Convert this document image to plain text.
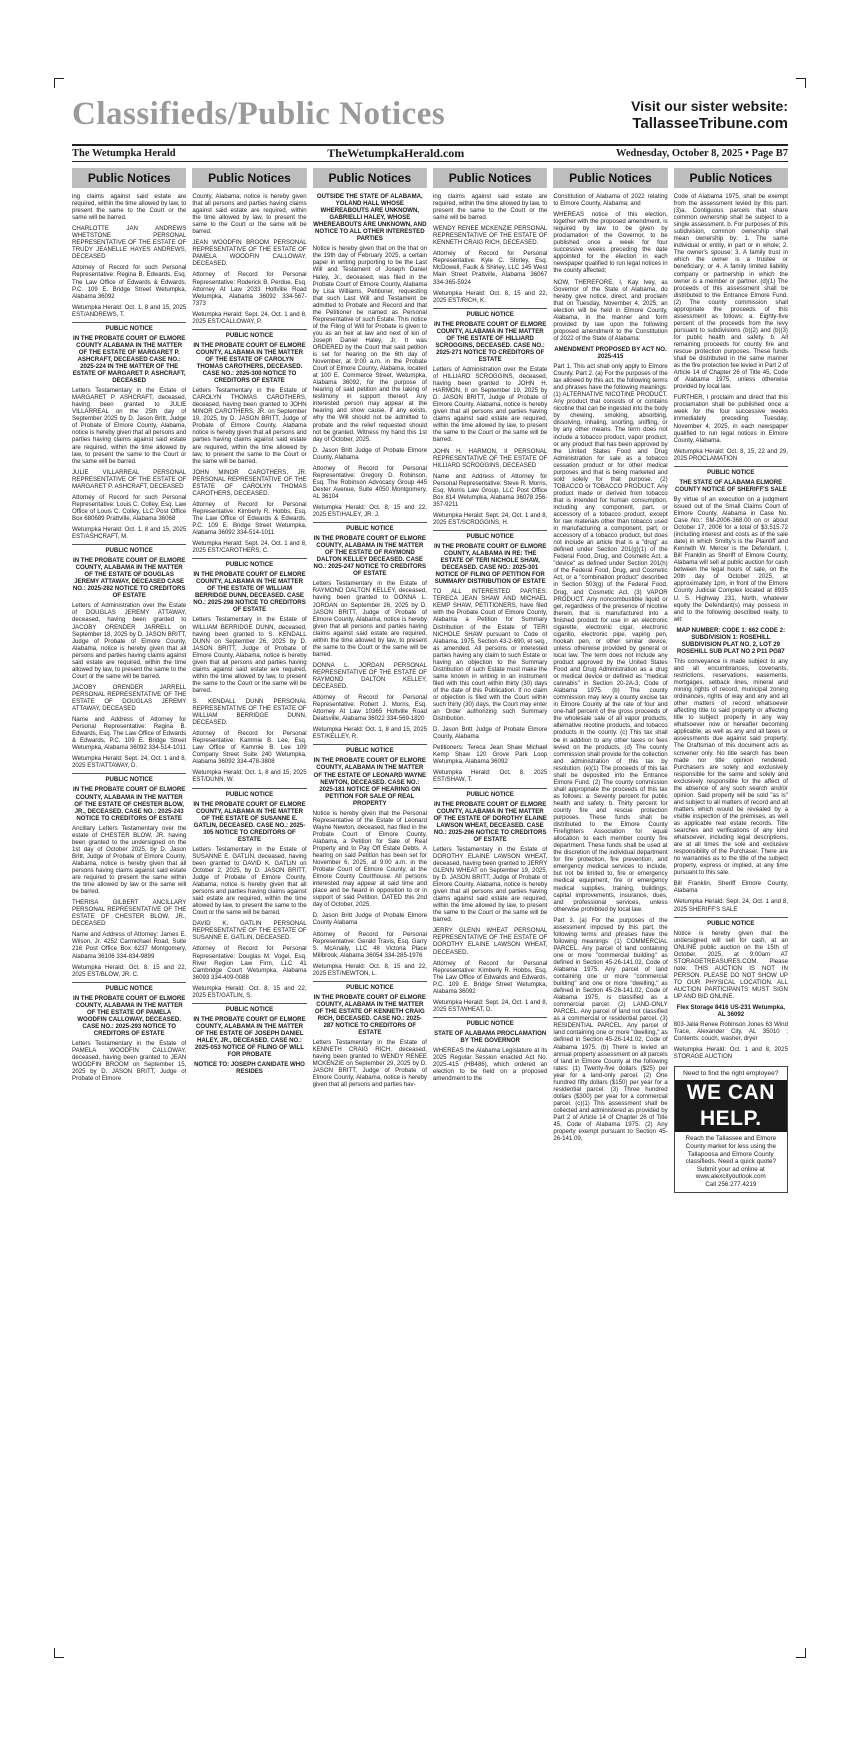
Classifieds/Public Notices	Visit our sister website:
TallasseeTribune.com
The Wetumpka Herald	TheWetumpkaHerald.com	Wednesday, October 8, 2025 • Page B7
Public Notices
ing claims against said estate are required, within the time allowed by law, to present the same to the Court or the same will be barred.
CHARLOTTE JAN ANDREWS WHETSTONE PERSONAL REPRESENTATIVE OF THE ESTATE OF TRUDY JEANELLE HAYES ANDREWS, DECEASED
Attorney of Record for such Personal Representative: Regina B. Edwards, Esq. The Law Office of Edwards & Edwards, P.C. 109 E. Bridge Street Wetumpka, Alabama 36092
Wetumpka Herald: Oct. 1, 8 and 15, 2025 EST/ANDREWS, T.
PUBLIC NOTICE
IN THE PROBATE COURT OF ELMORE COUNTY ALABAMA IN THE MATTER OF THE ESTATE OF MARGARET P. ASHCRAFT, DECEASED CASE NO.: 2025-224 IN THE MATTER OF THE ESTATE OF MARGARET P. ASHCRAFT, DECEASED
Letters Testamentary in the Estate of MARGARET P. ASHCRAFT, deceased, having been granted to JULIE VILLARREAL on the 25th day of September 2025 by D. Jason Britt, Judge of Probate of Elmore County, Alabama, notice is hereby given that all persons and parties having claims against said estate are required, within the time allowed by law, to present the same to the Court or the same will be barred.
JULIE VILLARREAL PERSONAL REPRESENTATIVE OF THE ESTATE OF MARGARET P. ASHCRAFT, DECEASED
Attorney of Record for such Personal Representative: Louis C. Colley, Esq. Law Office of Louis C. Colley, LLC Post Office Box 680689 Prattville, Alabama 36068
Wetumpka Herald: Oct. 1, 8 and 15, 2025 EST/ASHCRAFT, M.
PUBLIC NOTICE
IN THE PROBATE COURT OF ELMORE COUNTY, ALABAMA IN THE MATTER OF THE ESTATE OF DOUGLAS JEREMY ATTAWAY, DECEASED CASE NO.: 2025-282 NOTICE TO CREDITORS OF ESTATE
Letters of Administration over the Estate of DOUGLAS JEREMY ATTAWAY, deceased, having been granted to JACOBY ORENDER JARRELL on September 18, 2025 by D. JASON BRITT, Judge of Probate of Elmore County, Alabama, notice is hereby given that all persons and parties having claims against said estate are required, within the time allowed by law, to present the same to the Court or the same will be barred.
JACOBY ORENDER JARRELL PERSONAL REPRESENTATIVE OF THE ESTATE OF DOUGLAS JEREMY ATTAWAY, DECEASED
Name and Address of Attorney for Personal Representative: Regina B. Edwards, Esq. The Law Office of Edwards & Edwards, P.C. 109 E. Bridge Street Wetumpka, Alabama 36092 334-514-1011
Wetumpka Herald: Sept. 24, Oct. 1 and 8, 2025 EST/ATTAWAY, D.
PUBLIC NOTICE
IN THE PROBATE COURT OF ELMORE COUNTY, ALABAMA IN THE MATTER OF THE ESTATE OF CHESTER BLOW, JR., DECEASED. CASE NO.: 2025-243 NOTICE TO CREDITORS OF ESTATE
Ancillary Letters Testamentary over the estate of CHESTER BLOW, JR. having been granted to the undersigned on the 1st day of October 2025, by D. Jason Britt, Judge of Probate of Elmore County, Alabama, notice is hereby given that all persons having claims against said estate are required to present the same within the time allowed by law or the same will be barred.
THERISA GILBERT ANCILLARY PERSONAL REPRESENTATIVE OF THE ESTATE OF CHESTER BLOW, JR., DECEASED
Name and Address of Attorney: James E. Wilson, Jr. 4252 Carmichael Road, Suite 216 Post Office Box 6237 Montgomery, Alabama 36106 334-834-9899
Wetumpka Herald: Oct. 8, 15 and 22, 2025 EST/BLOW, JR. C.
PUBLIC NOTICE
IN THE PROBATE COURT OF ELMORE COUNTY, ALABAMA IN THE MATTER OF THE ESTATE OF PAMELA WOODFIN CALLOWAY, DECEASED. CASE NO.: 2025-293 NOTICE TO CREDITORS OF ESTATE
Letters Testamentary in the Estate of PAMELA WOODFIN CALLOWAY, deceased, having been granted to JEAN WOODFIN BROOM on September 15, 2025 by D. JASON BRITT, Judge of Probate of Elmore
Public Notices
County, Alabama, notice is hereby given that all persons and parties having claims against said estate are required, within the time allowed by law, to present the same to the Court or the same will be barred.
JEAN WOODFIN BROOM PERSONAL REPRESENTATIVE OF THE ESTATE OF PAMELA WOODFIN CALLOWAY, DECEASED.
Attorney of Record for Personal Representative: Roderick B. Perdue, Esq. Attorney At Law 2033 Holtville Road Wetumpka, Alabama 36092 334-567-7373
Wetumpka Herald: Sept. 24, Oct. 1 and 8, 2025 EST/CALLOWAY, P.
PUBLIC NOTICE
IN THE PROBATE COURT OF ELMORE COUNTY, ALABAMA IN THE MATTER OF THE ESTATE OF CAROLYN THOMAS CAROTHERS, DECEASED. CASE NO.: 2025-300 NOTICE TO CREDITORS OF ESTATE
Letters Testamentary in the Estate of CAROLYN THOMAS CAROTHERS, deceased, having been granted to JOHN MINOR CAROTHERS, JR. on September 19, 2025, by D. JASON BRITT, Judge of Probate of Elmore County, Alabama notice is hereby given that all persons and parties having claims against said estate are required, within the time allowed by law, to present the same to the Court or the same will be barred.
JOHN MINOR CAROTHERS, JR. PERSONAL REPRESENTATIVE OF THE ESTATE OF CAROLYN THOMAS CAROTHERS, DECEASED.
Attorney of Record for Personal Representative: Kimberly R. Hobbs, Esq. The Law Office of Edwards & Edwards, P.C. 109 E. Bridge Street Wetumpka, Alabama 36092 334-514-1011
Wetumpka Herald: Sept. 24, Oct. 1 and 8, 2025 EST/CAROTHERS, C.
PUBLIC NOTICE
IN THE PROBATE COURT OF ELMORE COUNTY, ALABAMA IN THE MATTER OF THE ESTATE OF WILLIAM BERRIDGE DUNN, DECEASED. CASE NO.: 2025-298 NOTICE TO CREDITORS OF ESTATE
Letters Testamentary in the Estate of WILLIAM BERRIDGE DUNN, deceased, having been granted to S. KENDALL DUNN on September 26, 2025 by D. JASON BRITT, Judge of Probate of Elmore County, Alabama, notice is hereby given that all persons and parties having claims against said estate are required, within the time allowed by law, to present the same to the Court or the same will be barred.
S. KENDALL DUNN PERSONAL REPRESENTATIVE OF THE ESTATE OF WILLIAM BERRIDGE DUNN, DECEASED.
Attorney of Record for Personal Representative: Kammie B. Lee, Esq. Law Office of Kammie B. Lee 109 Company Street Suite 240 Wetumpka, Alabama 36092 334-478-3808
Wetumpka Herald: Oct. 1, 8 and 15, 2025 EST/DUNN, W.
PUBLIC NOTICE
IN THE PROBATE COURT OF ELMORE COUNTY, ALABAMA IN THE MATTER OF THE ESTATE OF SUSANNE E. GATLIN, DECEASED. CASE NO.: 2025-305 NOTICE TO CREDITORS OF ESTATE
Letters Testamentary in the Estate of SUSANNE E. GATLIN, deceased, having been granted to DAVID K. GATLIN on October 2, 2025, by D. JASON BRITT, Judge of Probate of Elmore County, Alabama, notice is hereby given that all persons and parties having claims against said estate are required, within the time allowed by law, to present the same to the Court or the same will be barred.
DAVID K. GATLIN PERSONAL REPRESENTATIVE OF THE ESTATE OF SUSANNE E. GATLIN, DECEASED.
Attorney of Record for Personal Representative: Douglas M. Vogel, Esq. River Region Law Firm, LLC 41 Cambridge Court Wetumpka, Alabama 36093 334-409-0088
Wetumpka Herald: Oct. 8, 15 and 22, 2025 EST/GATLIN, S.
PUBLIC NOTICE
IN THE PROBATE COURT OF ELMORE COUNTY, ALABAMA IN THE MATTER OF THE ESTATE OF JOSEPH DANIEL HALEY, JR., DECEASED. CASE NO.: 2025-053 NOTICE OF FILING OF WILL FOR PROBATE
NOTICE TO: JOSEPH CANIDATE WHO RESIDES
Public Notices
OUTSIDE THE STATE OF ALABAMA, YOLAND HALL WHOSE WHEREABOUTS ARE UNKNOWN, GABRIELLI HALEY, WHOSE WHEREABOUTS ARE UNKNOWN, AND NOTICE TO ALL OTHER INTERESTED PARTIES
Notice is hereby given that on the that on the 19th day of February 2025, a certain paper in writing purporting to be the Last Will and Testament of Joseph Daniel Haley, Jr., deceased, was filed in the Probate Court of Elmore County, Alabama by Lisa Williams, Petitioner, requesting that such Last Will and Testament be admitted to Probate and Record and that the Petitioner be named as Personal Representative of such Estate. This notice of the Filing of Will for Probate is given to you as an heir at law and next of kin of Joseph Daniel Haley, Jr. It was ORDERED by the Court that said petition is set for hearing on the 6th day of November, at 9:00 a.m. in the Probate Court of Elmore County, Alabama, located at 100 E. Commerce Street, Wetumpka, Alabama 36092, for the purpose of hearing of said petition and the taking of testimony in support thereof. Any interested person may appear at the hearing and show cause, if any exists, why the Will should not be admitted to probate and the relief requested should not be granted. Witness my hand this 1st day of October, 2025.
D. Jason Britt Judge of Probate Elmore County, Alabama
Attorney of Record for Personal Representative: Gregory D. Robinson, Esq. The Robinson Advocacy Group 445 Dexter Avenue, Suite 4050 Montgomery, AL 36104
Wetumpka Herald: Oct. 8, 15 and 22, 2025 EST/HALEY, JR. J.
PUBLIC NOTICE
IN THE PROBATE COURT OF ELMORE COUNTY, ALABAMA IN THE MATTER OF THE ESTATE OF RAYMOND DALTON KELLEY DECEASED. CASE NO.: 2025-247 NOTICE TO CREDITORS OF ESTATE
Letters Testamentary in the Estate of RAYMOND DALTON KELLEY, deceased, having been granted to DONNA L. JORDAN on September 26, 2025 by D. JASON BRITT, Judge of Probate of Elmore County, Alabama, notice is hereby given that all persons and parties having claims against said estate are required, within the time allowed by law, to present the same to the Court or the same will be barred.
DONNA L. JORDAN PERSONAL REPRESENTATIVE OF THE ESTATE OF RAYMOND DALTON KELLEY, DECEASED.
Attorney of Record for Personal Representative: Robert J. Morris, Esq. Attorney At Law 10365 Holtville Road Deatsville, Alabama 36022 334-569-1820
Wetumpka Herald: Oct. 1, 8 and 15, 2025 EST/KELLEY, R.
PUBLIC NOTICE
IN THE PROBATE COURT OF ELMORE COUNTY, ALABAMA IN THE MATTER OF THE ESTATE OF LEONARD WAYNE NEWTON, DECEASED. CASE NO.: 2025-181 NOTICE OF HEARING ON PETITION FOR SALE OF REAL PROPERTY
Notice is hereby given that the Personal Representative of the Estate of Leonard Wayne Newton, deceased, has filed in the Probate Court of Elmore County, Alabama, a Petition for Sale of Real Property and to Pay Off Estate Debts. A hearing on said Petition has been set for November 6, 2025, at 9:00 a.m. in the Probate Court of Elmore County, at the Elmore County Courthouse. All persons interested may appear at said time and place and be heard in opposition to or in support of said Petition. DATED this 2nd day of October, 2025.
D. Jason Britt Judge of Probate Elmore County Alabama
Attorney of Record for Personal Representative: Gerald Travis, Esq. Garry S. McAnally, LLC 48 Victoria Place Millbrook, Alabama 36054 334-285-1976
Wetumpka Herald: Oct. 8, 15 and 22, 2025 EST/NEWTON, L.
PUBLIC NOTICE
IN THE PROBATE COURT OF ELMORE COUNTY, ALABAMA IN THE MATTER OF THE ESTATE OF KENNETH CRAIG RICH, DECEASED. CASE NO.: 2025-287 NOTICE TO CREDITORS OF ESTATE
Letters Testamentary in the Estate of KENNETH CRAIG RICH, deceased, having been granted to WENDY RENEE MCKENZIE on September 29, 2025 by D. JASON BRITT, Judge of Probate of Elmore County, Alabama, notice is hereby given that all persons and parties hav-
Public Notices
ing claims against said estate are required, within the time allowed by law, to present the same to the Court or the same will be barred.
WENDY RENEE MCKENZIE PERSONAL REPRESENTATIVE OF THE ESTATE OF KENNETH CRAIG RICH, DECEASED.
Attorney of Record for Personal Representative: Kyle C. Shirley, Esq. McDowell, Faulk & Shirley, LLC 145 West Main Street Prattville, Alabama 36067 334-365-5924
Wetumpka Herald: Oct. 8, 15 and 22, 2025 EST/RICH, K.
PUBLIC NOTICE
IN THE PROBATE COURT OF ELMORE COUNTY, ALABAMA IN THE MATTER OF THE ESTATE OF HILLIARD SCROGGINS, DECEASED. CASE NO.: 2025-271 NOTICE TO CREDITORS OF ESTATE
Letters of Administration over the Estate of HILLIARD SCROGGINS, deceased, having been granted to JOHN H. HARMON, II on September 19, 2025 by D. JASON BRITT, Judge of Probate of Elmore County, Alabama, notice is hereby given that all persons and parties having claims against said estate are required, within the time allowed by law, to present the same to the Court or the same will be barred.
JOHN H. HARMON, II PERSONAL REPRESENTATIVE OF THE ESTATE OF HILLIARD SCROGGINS, DECEASED
Name and Address of Attorney for Personal Representative: Steve R. Morris, Esq. Morris Law Group, LLC Post Office Box 814 Wetumpka, Alabama 36078 256-357-9211
Wetumpka Herald: Sept. 24, Oct. 1 and 8, 2025 EST/SCROGGINS, H.
PUBLIC NOTICE
IN THE PROBATE COURT OF ELMORE COUNTY, ALABAMA IN RE: THE ESTATE OF TERI NICHOLE SHAW, DECEASED. CASE NO.: 2025-301 NOTICE OF FILING OF PETITION FOR SUMMARY DISTRIBUTION OF ESTATE
TO ALL INTERESTED PARTIES: TERECA JEAN SHAW AND MICHAEL KEMP SHAW, PETITIONERS, have filed with the Probate Court of Elmore County, Alabama a Petition for Summary Distribution of the Estate of TERI NICHOLE SHAW pursuant to Code of Alabama, 1975, Section 43-2-690, et seq., as amended. All persons or interested parties having any claim to such Estate or having an objection to the Summary Distribution of such Estate must make the same known in writing in an instrument filed with this court within thirty (30) days of the date of this Publication. If no claim or objection is filed with the Court within such thirty (30) days, the Court may enter an Order authorizing such Summary Distribution.
D. Jason Britt Judge of Probate Elmore County, Alabama
Petitioners: Tereca Jean Shaw Michael Kemp Shaw 120 Grove Park Loop Wetumpka, Alabama 36092
Wetumpka Herald: Oct. 8, 2025 EST/SHAW, T.
PUBLIC NOTICE
IN THE PROBATE COURT OF ELMORE COUNTY, ALABAMA IN THE MATTER OF THE ESTATE OF DOROTHY ELAINE LAWSON WHEAT, DECEASED. CASE NO.: 2025-296 NOTICE TO CREDITORS OF ESTATE
Letters Testamentary in the Estate of DOROTHY ELAINE LAWSON WHEAT, deceased, having been granted to JERRY GLENN WHEAT on September 19, 2025, by D. JASON BRITT, Judge of Probate of Elmore County, Alabama, notice is hereby given that all persons and parties having claims against said estate are required, within the time allowed by law, to present the same to the Court or the same will be barred.
JERRY GLENN WHEAT PERSONAL REPRESENTATIVE OF THE ESTATE OF DOROTHY ELAINE LAWSON WHEAT, DECEASED.
Attorney of Record for Personal Representative: Kimberly R. Hobbs, Esq. The Law Office of Edwards and Edwards, P.C. 109 E. Bridge Street Wetumpka, Alabama 36092
Wetumpka Herald: Sept. 24, Oct. 1 and 8, 2025 EST/WHEAT, D.
PUBLIC NOTICE
STATE OF ALABAMA PROCLAMATION BY THE GOVERNOR
WHEREAS the Alabama Legislature at its 2025 Regular Session enacted Act No. 2025-415 (HB486), which ordered an election to be held on a proposed amendment to the
Public Notices
Constitution of Alabama of 2022 relating to Elmore County, Alabama; and
WHEREAS notice of this election, together with the proposed amendment, is required by law to be given by proclamation of the Governor, to be published once a week for four successive weeks preceding the date appointed for the election in each newspaper qualified to run legal notices in the county affected;
NOW, THEREFORE, I, Kay Ivey, as Governor of the State of Alabama, do hereby give notice, direct, and proclaim that on Tuesday, November 4, 2025, an election will be held in Elmore County, Alabama, in the manner and form provided by law upon the following proposed amendment to the Constitution of 2022 of the State of Alabama:
AMENDMENT PROPOSED BY ACT NO. 2025-415
Part 1. This act shall only apply to Elmore County. Part 2. (a) For the purposes of the tax allowed by this act, the following terms and phrases have the following meanings: (1) ALTERNATIVE NICOTINE PRODUCT. Any product that consists of or contains nicotine that can be ingested into the body by chewing, smoking, absorbing, dissolving, inhaling, snorting, sniffing, or by any other means. The term does not include a tobacco product, vapor product, or any product that has been approved by the United States Food and Drug Administration for sale as a tobacco cessation product or for other medical purposes and that is being marketed and sold solely for that purpose. (2) TOBACCO or TOBACCO PRODUCT. Any product made or derived from tobacco that is intended for human consumption, including any component, part, or accessory of a tobacco product, except for raw materials other than tobacco used in manufacturing a component, part, or accessory of a tobacco product, but does not include an article that is a "drug" as defined under Section 201(g)(1) of the Federal Food, Drug, and Cosmetic Act, a "device" as defined under Section 201(h) of the Federal Food, Drug, and Cosmetic Act, or a "combination product" described in Section 503(g) of the Federal Food, Drug, and Cosmetic Act. (3) VAPOR PRODUCT. Any noncombustible liquid or gel, regardless of the presence of nicotine therein, that is manufactured into a finished product for use in an electronic cigarette, electronic cigar, electronic cigarillo, electronic pipe, vaping pen, hookah pen, or other similar device, unless otherwise provided by general or local law. The term does not include any product approved by the United States Food and Drug Administration as a drug or medical device or defined as "medical cannabis" in Section 20-2A-3, Code of Alabama 1975. (b) The county commission may levy a county excise tax in Elmore County at the rate of four and one-half percent of the gross proceeds of the wholesale sale of all vapor products, alternative nicotine products, and tobacco products in the county. (c) This tax shall be in addition to any other taxes or fees levied on the products. (d) The county commission shall provide for the collection and administration of this tax by resolution. (e)(1) The proceeds of this tax shall be deposited into the Entrance Elmore Fund. (2) The county commission shall appropriate the proceeds of this tax as follows: a. Seventy percent for public health and safety. b. Thirty percent for county fire and rescue protection purposes. These funds shall be distributed to the Elmore County Firefighters Association for equal allocation to each member county fire department. These funds shall be used at the discretion of the individual department for fire protection, fire prevention, and emergency medical services to include, but not be limited to, fire or emergency medical equipment, fire or emergency medical supplies, training, buildings, capital improvements, insurance, dues, and professional services, unless otherwise prohibited by local law.
Part 3. (a) For the purposes of the assessment imposed by this part, the following terms and phrases have the following meanings: (1) COMMERCIAL PARCEL. Any parcel of land containing one or more "commercial building" as defined in Section 45-26-141.02, Code of Alabama 1975. Any parcel of land containing one or more "commercial building" and one or more "dwelling," as defined in Section 45-26-141.02, Code of Alabama 1975, is classified as a commercial parcel. (2) LAND-ONLY PARCEL. Any parcel of land not classified as a commercial or residential parcel. (3) RESIDENTIAL PARCEL. Any parcel of land containing one or more "dwelling," as defined in Section 45-26-141.02, Code of Alabama 1975. (b) There is levied an annual property assessment on all parcels of land in Elmore County at the following rates: (1) Twenty-five dollars ($25) per year for a land-only parcel. (2) One hundred fifty dollars ($150) per year for a residential parcel. (3) Three hundred dollars ($300) per year for a commercial parcel. (c)(1) This assessment shall be collected and administered as provided by Part 2 of Article 14 of Chapter 26 of Title 45, Code of Alabama 1975. (2) Any property exempt pursuant to Section 45-26-141.09,
Public Notices
Code of Alabama 1975, shall be exempt from the assessment levied by this part. (3)a. Contiguous parcels that share common ownership shall be subject to a single assessment. b. For purposes of this subdivision, common ownership shall mean ownership by: 1. The same individual or entity, in part or in whole; 2. The owner's spouse; 3. A family trust in which the owner is a trustee or beneficiary; or 4. A family limited liability company or partnership in which the owner is a member or partner. (d)(1) The proceeds of this assessment shall be distributed to the Entrance Elmore Fund. (2) The county commission shall appropriate the proceeds of this assessment as follows: a. Eighty-five percent of the proceeds from the levy pursuant to subdivisions (b)(2) and (b)(3) for public health and safety. b. All remaining proceeds for county fire and rescue protection purposes. These funds shall be distributed in the same manner as the fire protection fee levied in Part 2 of Article 14 of Chapter 26 of Title 45, Code of Alabama 1975, unless otherwise provided by local law.
FURTHER, I proclaim and direct that this proclamation shall be published once a week for the four successive weeks immediately preceding Tuesday, November 4, 2025, in each newspaper qualified to run legal notices in Elmore County, Alabama.
Wetumpka Herald: Oct. 8, 15, 22 and 29, 2025 PROCLAMATION
PUBLIC NOTICE
THE STATE OF ALABAMA ELMORE COUNTY NOTICE OF SHERIFF'S SALE
By virtue of an execution on a judgment issued out of the Small Claims Court of Elmore County, Alabama in Case No. Case No.: SM-2006-368.00 on or about October 17, 2006 for a total of $3,515.72 (including interest and costs as of the sale date) in which Smitty's is the Plaintiff and Kenneth W. Mercer is the Defendant, I, Bill Franklin as Sheriff of Elmore County, Alabama will sell at public auction for cash between the legal hours of sale, on the 20th day of October 2025, at approximately 1pm, in front of the Elmore County Judicial Complex located at 8935 U. S. Highway 231, North, whatever equity the Defendant(s) may possess in and to the following described realty, to wit:
MAP NUMBER: CODE 1: 662 CODE 2: SUBDIVISION 1: ROSEHILL SUBDIVISION PLAT NO. 2, LOT 29 ROSEHILL SUB PLAT NO 2 P11 PG87
This conveyance is made subject to any and all encumbrances, covenants, restrictions, reservations, easements, mortgages, setback lines, mineral and mining rights of record, municipal zoning ordinances, rights of way and any and all other matters of record whatsoever affecting title to said property or affecting title to subject property in any way whatsoever now or hereafter becoming applicable, as well as any and all taxes or assessments due against said property. The Draftsman of this document acts as scrivener only. No title search has been made nor title opinion rendered. Purchasers are solely and exclusively responsible for the same and solely and exclusively responsible for the affect of the absence of any such search and/or opinion. Said property will be sold "as is" and subject to all matters of record and all matters which would be revealed by a visible inspection of the premises, as well as applicable real estate records. Title searches and verifications of any kind whatsoever, including legal descriptions, are at all times the sole and exclusive responsibility of the Purchaser. There are no warranties as to the title of the subject property, express or implied, at any time pursuant to this sale.
Bill Franklin, Sheriff Elmore County, Alabama
Wetumpka Herald: Sept. 24, Oct. 1 and 8, 2025 SHERIFF'S SALE
PUBLIC NOTICE
Notice is hereby given that the undersigned will sell for cash, at an ONLINE public auction on the 15th of October, 2025, at 9:00am AT STORAGETREASURES.COM. Please note: THIS AUCTION IS NOT IN PERSON. PLEASE DO NOT SHOW UP TO OUR PHYSICAL LOCATION. ALL AUCTION PARTICIPANTS MUST SIGN UP AND BID ONLINE.
Flex Storage 8416 US-231 Wetumpka, AL 36092
803-Jalia Renee Robinson Jones 63 Wind Trace, Alexander City, AL 35010 ; Contents: couch, washer, dryer
Wetumpka Herald: Oct. 1 and 8, 2025 STORAGE AUCTION
Need to find the right employee?
WE CAN HELP.
Reach the Tallassee and Elmore County market for less using the Tallapoosa and Elmore County classifieds. Need a quick quote? Submit your ad online at www.alexcityoutlook.com
Call 256.277.4219
